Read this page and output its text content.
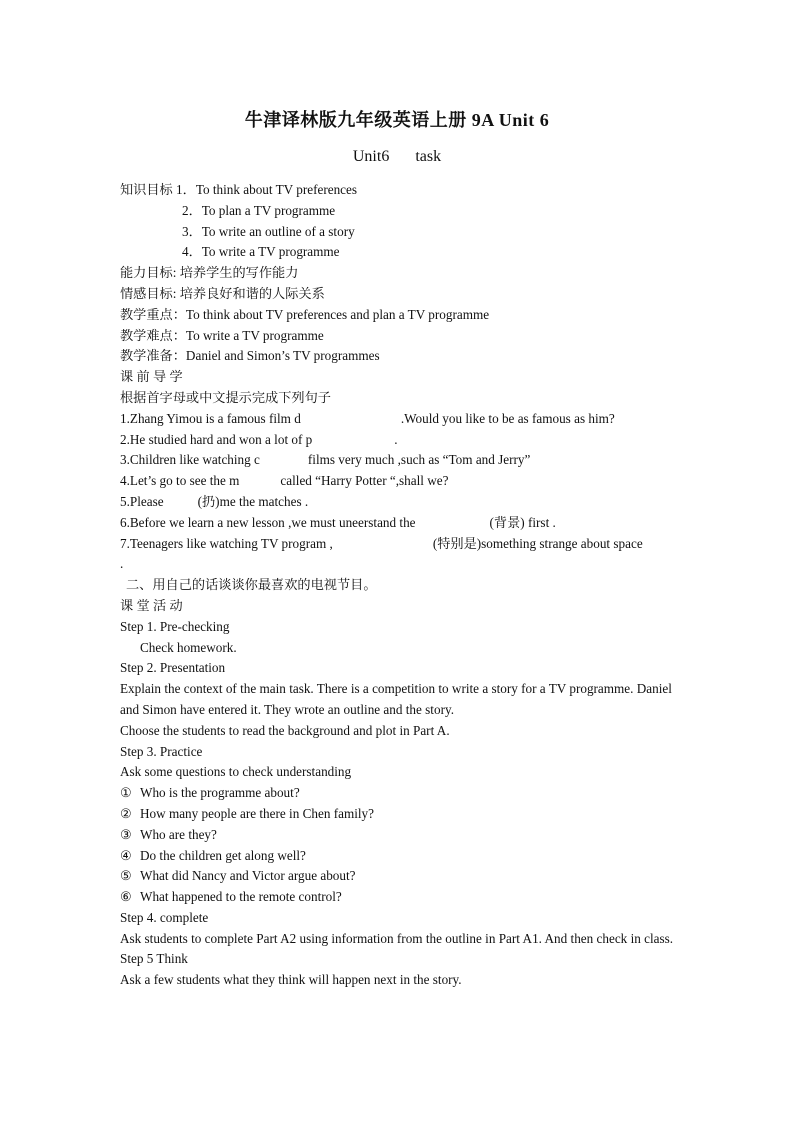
牛津译林版九年级英语上册 9A Unit 6
Unit6 task
知识目标 1．To think about TV preferences
2．To plan a TV programme
3．To write an outline of a story
4．To write a TV programme
能力目标: 培养学生的写作能力
情感目标: 培养良好和谐的人际关系
教学重点：To think about TV preferences and plan a TV programme
教学难点：To write a TV programme
教学准备：Daniel and Simon’s TV programmes
课 前 导 学
根据首字母或中文提示完成下列句子
1.Zhang Yimou is a famous film d	.Would you like to be as famous as him?
2.He studied hard and won a lot of p	.
3.Children like watching c	films very much ,such as “Tom and Jerry”
4.Let’s go to see the m	called “Harry Potter “,shall we?
5.Please	(扔)me the matches .
6.Before we learn a new lesson ,we must uneerstand the	(背景) first .
7.Teenagers like watching TV program ,	(特别是)something strange about space
.
二、用自己的话谈谈你最喜欢的电视节目。
课 堂 活 动
Step 1. Pre-checking
Check homework.
Step 2. Presentation
Explain the context of the main task. There is a competition to write a story for a TV programme. Daniel and Simon have entered it. They wrote an outline and the story.
Choose the students to read the background and plot in Part A.
Step 3. Practice
Ask some questions to check understanding
① Who is the programme about?
② How many people are there in Chen family?
③ Who are they?
④ Do the children get along well?
⑤ What did Nancy and Victor argue about?
⑥ What happened to the remote control?
Step 4. complete
Ask students to complete Part A2 using information from the outline in Part A1. And then check in class.
Step 5 Think
Ask a few students what they think will happen next in the story.
